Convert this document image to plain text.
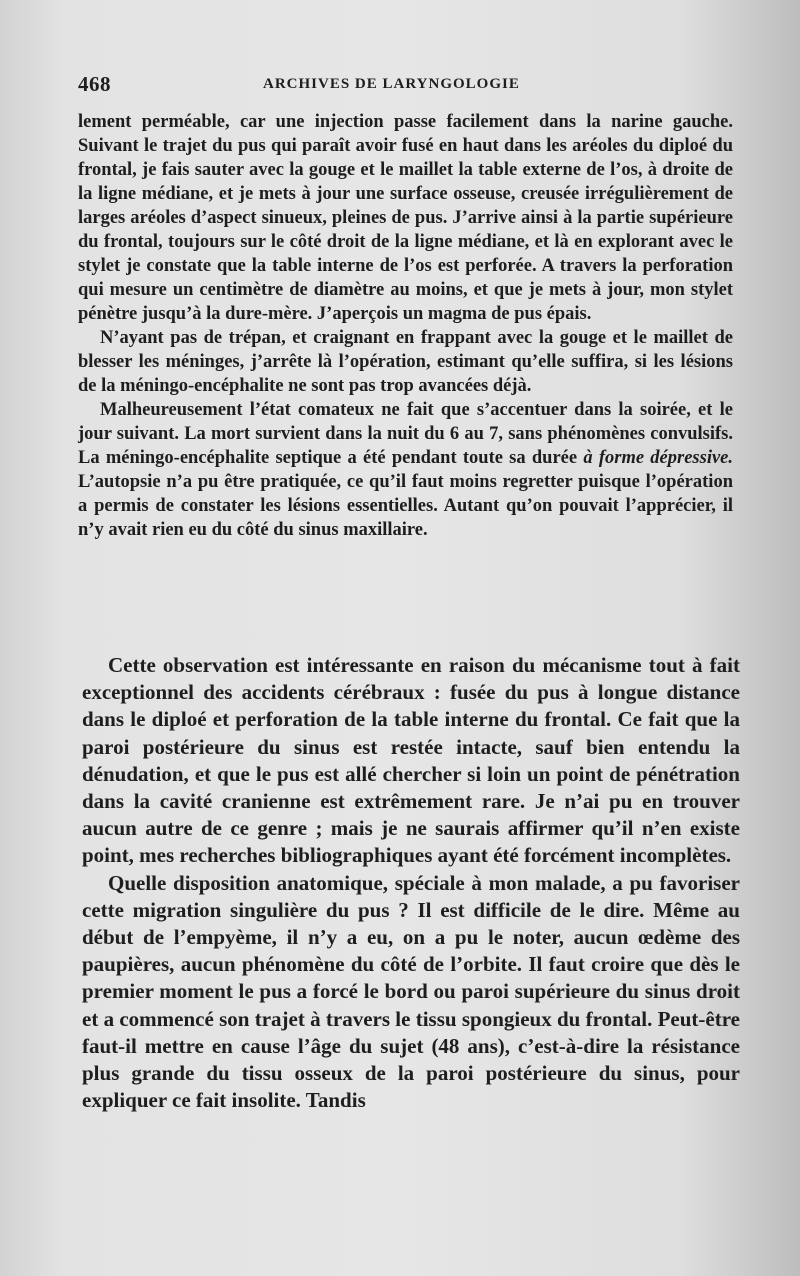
468	ARCHIVES DE LARYNGOLOGIE

lement perméable, car une injection passe facilement dans la narine gauche. Suivant le trajet du pus qui paraît avoir fusé en haut dans les aréoles du diploé du frontal, je fais sauter avec la gouge et le maillet la table externe de l’os, à droite de la ligne médiane, et je mets à jour une surface osseuse, creusée irrégulièrement de larges aréoles d’aspect sinueux, pleines de pus. J’arrive ainsi à la partie supérieure du frontal, toujours sur le côté droit de la ligne médiane, et là en explorant avec le stylet je constate que la table interne de l’os est perforée. A travers la perforation qui mesure un centimètre de diamètre au moins, et que je mets à jour, mon stylet pénètre jusqu’à la dure-mère. J’aperçois un magma de pus épais.

N’ayant pas de trépan, et craignant en frappant avec la gouge et le maillet de blesser les méninges, j’arrête là l’opération, estimant qu’elle suffira, si les lésions de la méningo-encéphalite ne sont pas trop avancées déjà.

Malheureusement l’état comateux ne fait que s’accentuer dans la soirée, et le jour suivant. La mort survient dans la nuit du 6 au 7, sans phénomènes convulsifs. La méningo-encéphalite septique a été pendant toute sa durée à forme dépressive. L’autopsie n’a pu être pratiquée, ce qu’il faut moins regretter puisque l’opération a permis de constater les lésions essentielles. Autant qu’on pouvait l’apprécier, il n’y avait rien eu du côté du sinus maxillaire.

Cette observation est intéressante en raison du mécanisme tout à fait exceptionnel des accidents cérébraux : fusée du pus à longue distance dans le diploé et perforation de la table interne du frontal. Ce fait que la paroi postérieure du sinus est restée intacte, sauf bien entendu la dénudation, et que le pus est allé chercher si loin un point de pénétration dans la cavité cranienne est extrêmement rare. Je n’ai pu en trouver aucun autre de ce genre ; mais je ne saurais affirmer qu’il n’en existe point, mes recherches bibliographiques ayant été forcément incomplètes.

Quelle disposition anatomique, spéciale à mon malade, a pu favoriser cette migration singulière du pus ? Il est difficile de le dire. Même au début de l’empyème, il n’y a eu, on a pu le noter, aucun œdème des paupières, aucun phénomène du côté de l’orbite. Il faut croire que dès le premier moment le pus a forcé le bord ou paroi supérieure du sinus droit et a commencé son trajet à travers le tissu spongieux du frontal. Peut-être faut-il mettre en cause l’âge du sujet (48 ans), c’est-à-dire la résistance plus grande du tissu osseux de la paroi postérieure du sinus, pour expliquer ce fait insolite. Tandis
